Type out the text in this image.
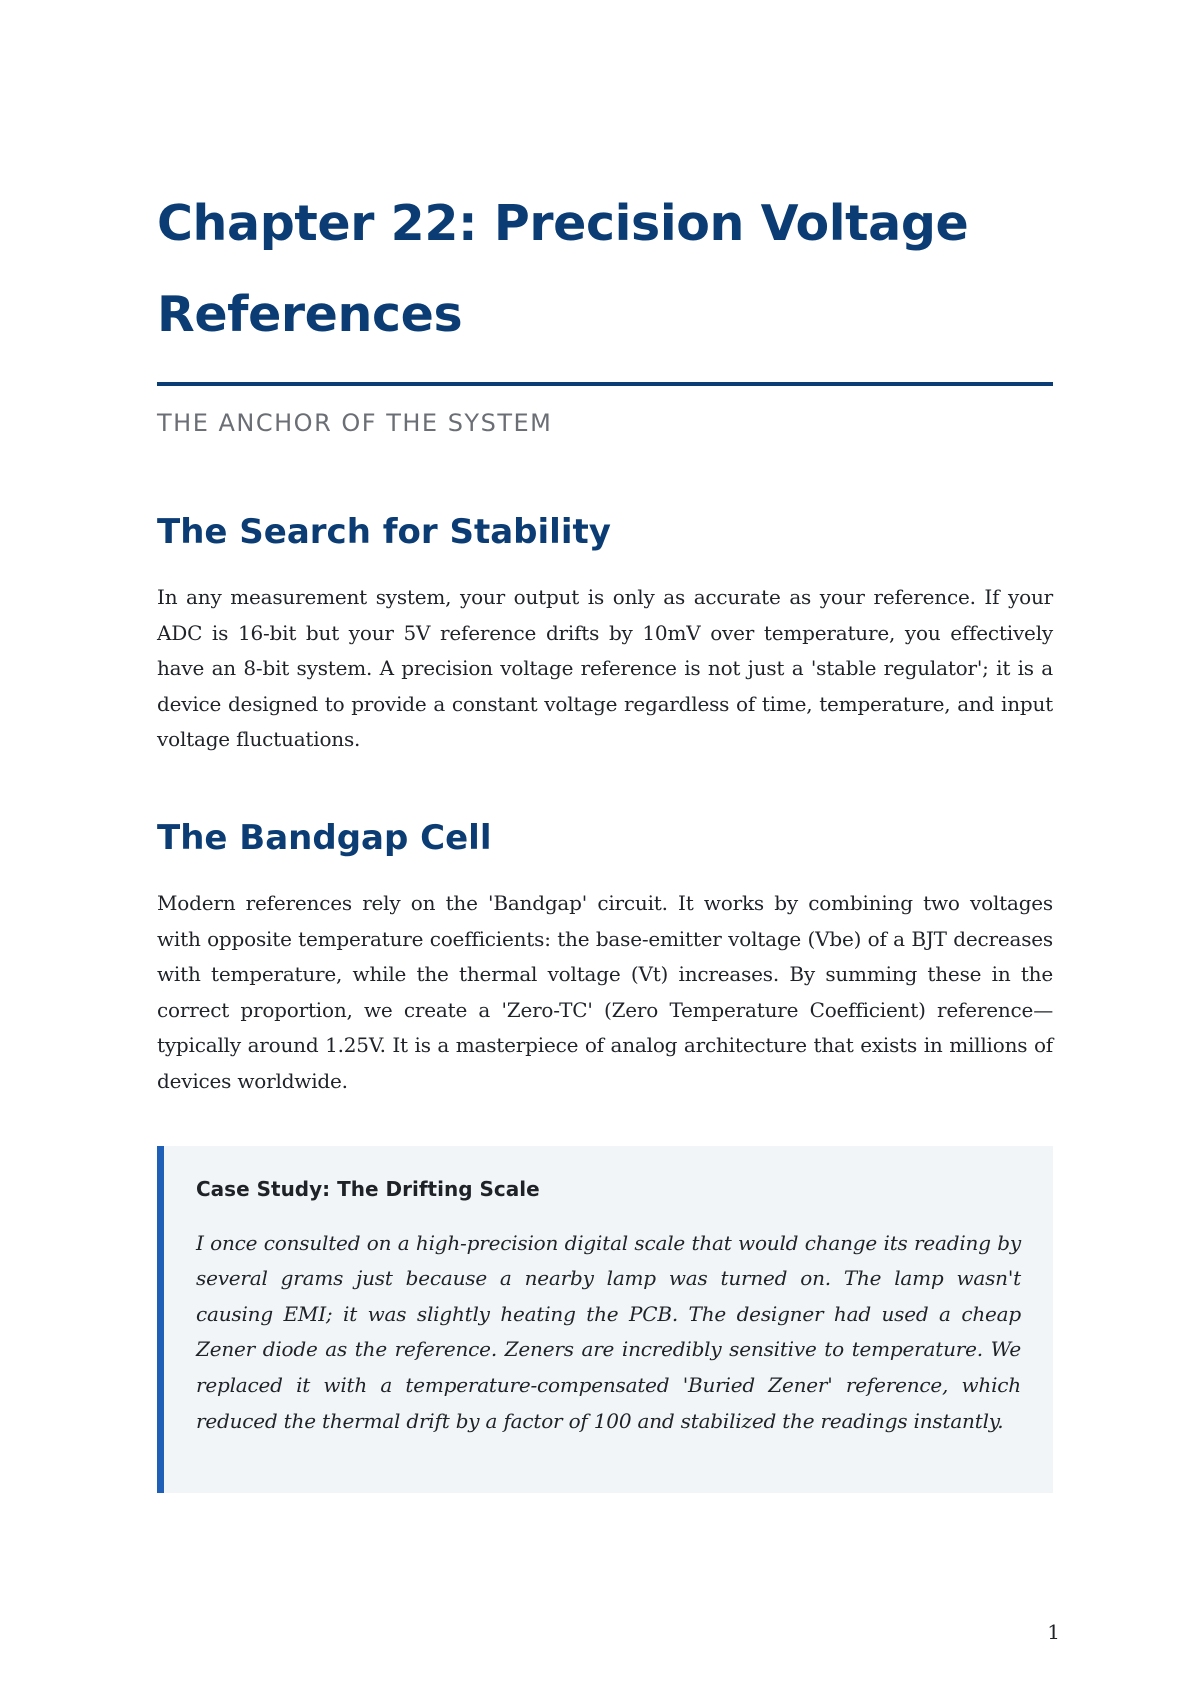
Chapter 22: Precision Voltage References
THE ANCHOR OF THE SYSTEM
The Search for Stability

In any measurement system, your output is only as accurate as your reference. If your ADC is 16-bit but your 5V reference drifts by 10mV over temperature, you effectively have an 8-bit system. A precision voltage reference is not just a 'stable regulator'; it is a device designed to provide a constant voltage regardless of time, temperature, and input voltage fluctuations.

The Bandgap Cell

Modern references rely on the 'Bandgap' circuit. It works by combining two voltages with opposite temperature coefficients: the base-emitter voltage (Vbe) of a BJT decreases with temperature, while the thermal voltage (Vt) increases. By summing these in the correct proportion, we create a 'Zero-TC' (Zero Temperature Coefficient) reference—typically around 1.25V. It is a masterpiece of analog architecture that exists in millions of devices worldwide.

Case Study: The Drifting Scale

I once consulted on a high-precision digital scale that would change its reading by several grams just because a nearby lamp was turned on. The lamp wasn't causing EMI; it was slightly heating the PCB. The designer had used a cheap Zener diode as the reference. Zeners are incredibly sensitive to temperature. We replaced it with a temperature-compensated 'Buried Zener' reference, which reduced the thermal drift by a factor of 100 and stabilized the readings instantly.

1
